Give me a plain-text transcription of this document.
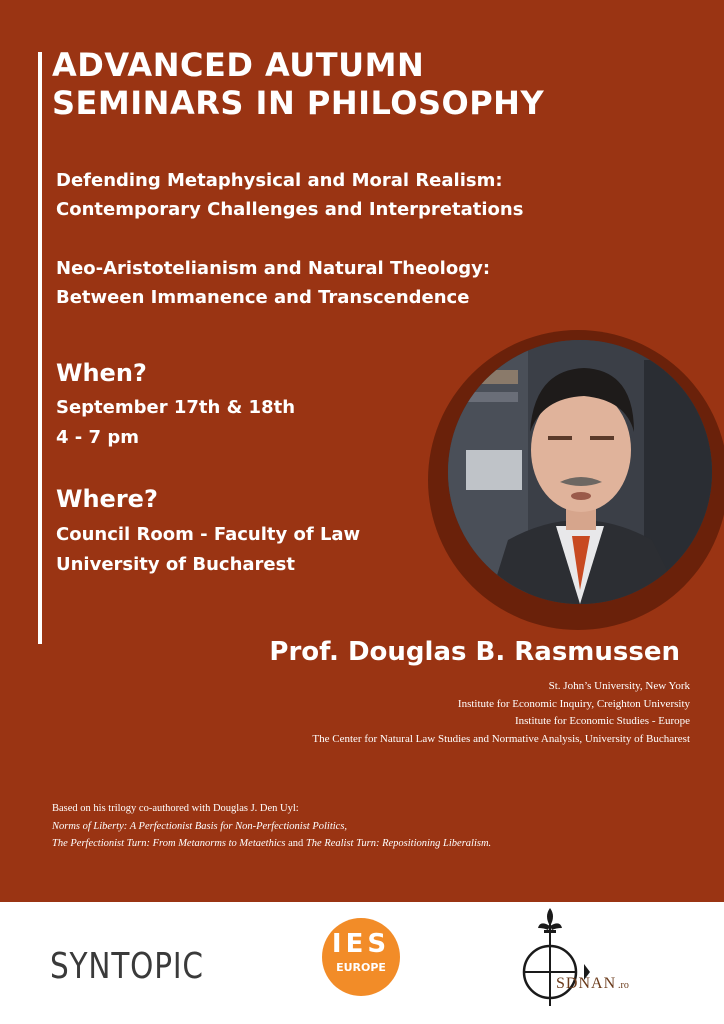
ADVANCED AUTUMN
SEMINARS IN PHILOSOPHY
Defending Metaphysical and Moral Realism:
Contemporary Challenges and Interpretations
Neo-Aristotelianism and Natural Theology:
Between Immanence and Transcendence
When?
September 17th & 18th
4 - 7 pm
Where?
Council Room - Faculty of Law
University of Bucharest
Prof. Douglas B. Rasmussen
St. John’s University, New York
Institute for Economic Inquiry, Creighton University
Institute for Economic Studies - Europe
The Center for Natural Law Studies and Normative Analysis, University of Bucharest
Based on his trilogy co-authored with Douglas J. Den Uyl:
Norms of Liberty: A Perfectionist Basis for Non-Perfectionist Politics,
The Perfectionist Turn: From Metanorms to Metaethics and The Realist Turn: Repositioning Liberalism.
SYNTOPIC
IES
EUROPE
SDNAN .ro
